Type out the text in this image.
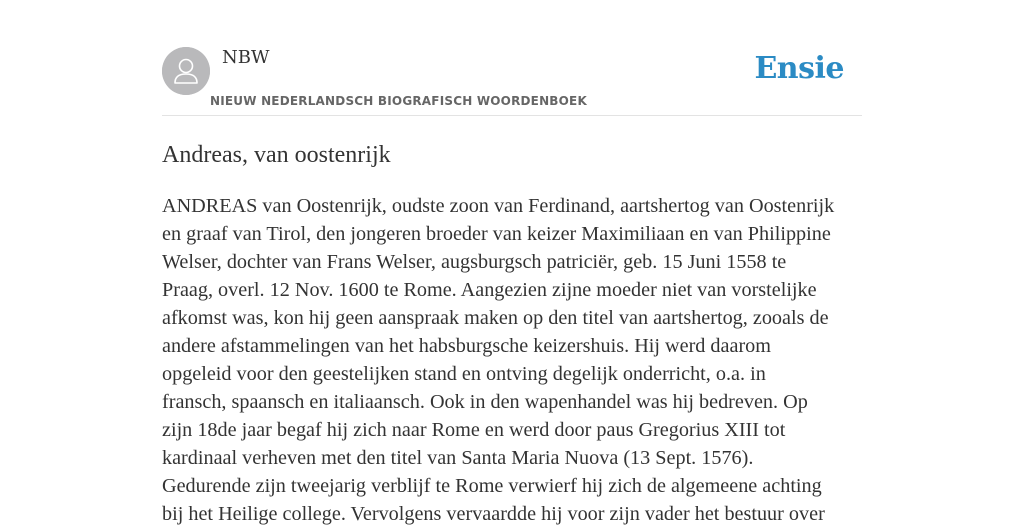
NBW
NIEUW NEDERLANDSCH BIOGRAFISCH WOORDENBOEK
Ensie
Andreas, van oostenrijk
ANDREAS van Oostenrijk, oudste zoon van Ferdinand, aartshertog van Oostenrijk
en graaf van Tirol, den jongeren broeder van keizer Maximiliaan en van Philippine
Welser, dochter van Frans Welser, augsburgsch patriciër, geb. 15 Juni 1558 te
Praag, overl. 12 Nov. 1600 te Rome. Aangezien zijne moeder niet van vorstelijke
afkomst was, kon hij geen aanspraak maken op den titel van aartshertog, zooals de
andere afstammelingen van het habsburgsche keizershuis. Hij werd daarom
opgeleid voor den geestelijken stand en ontving degelijk onderricht, o.a. in
fransch, spaansch en italiaansch. Ook in den wapenhandel was hij bedreven. Op
zijn 18de jaar begaf hij zich naar Rome en werd door paus Gregorius XIII tot
kardinaal verheven met den titel van Santa Maria Nuova (13 Sept. 1576).
Gedurende zijn tweejarig verblijf te Rome verwierf hij zich de algemeene achting
bij het Heilige college. Vervolgens vervaardde hij voor zijn vader het bestuur over
